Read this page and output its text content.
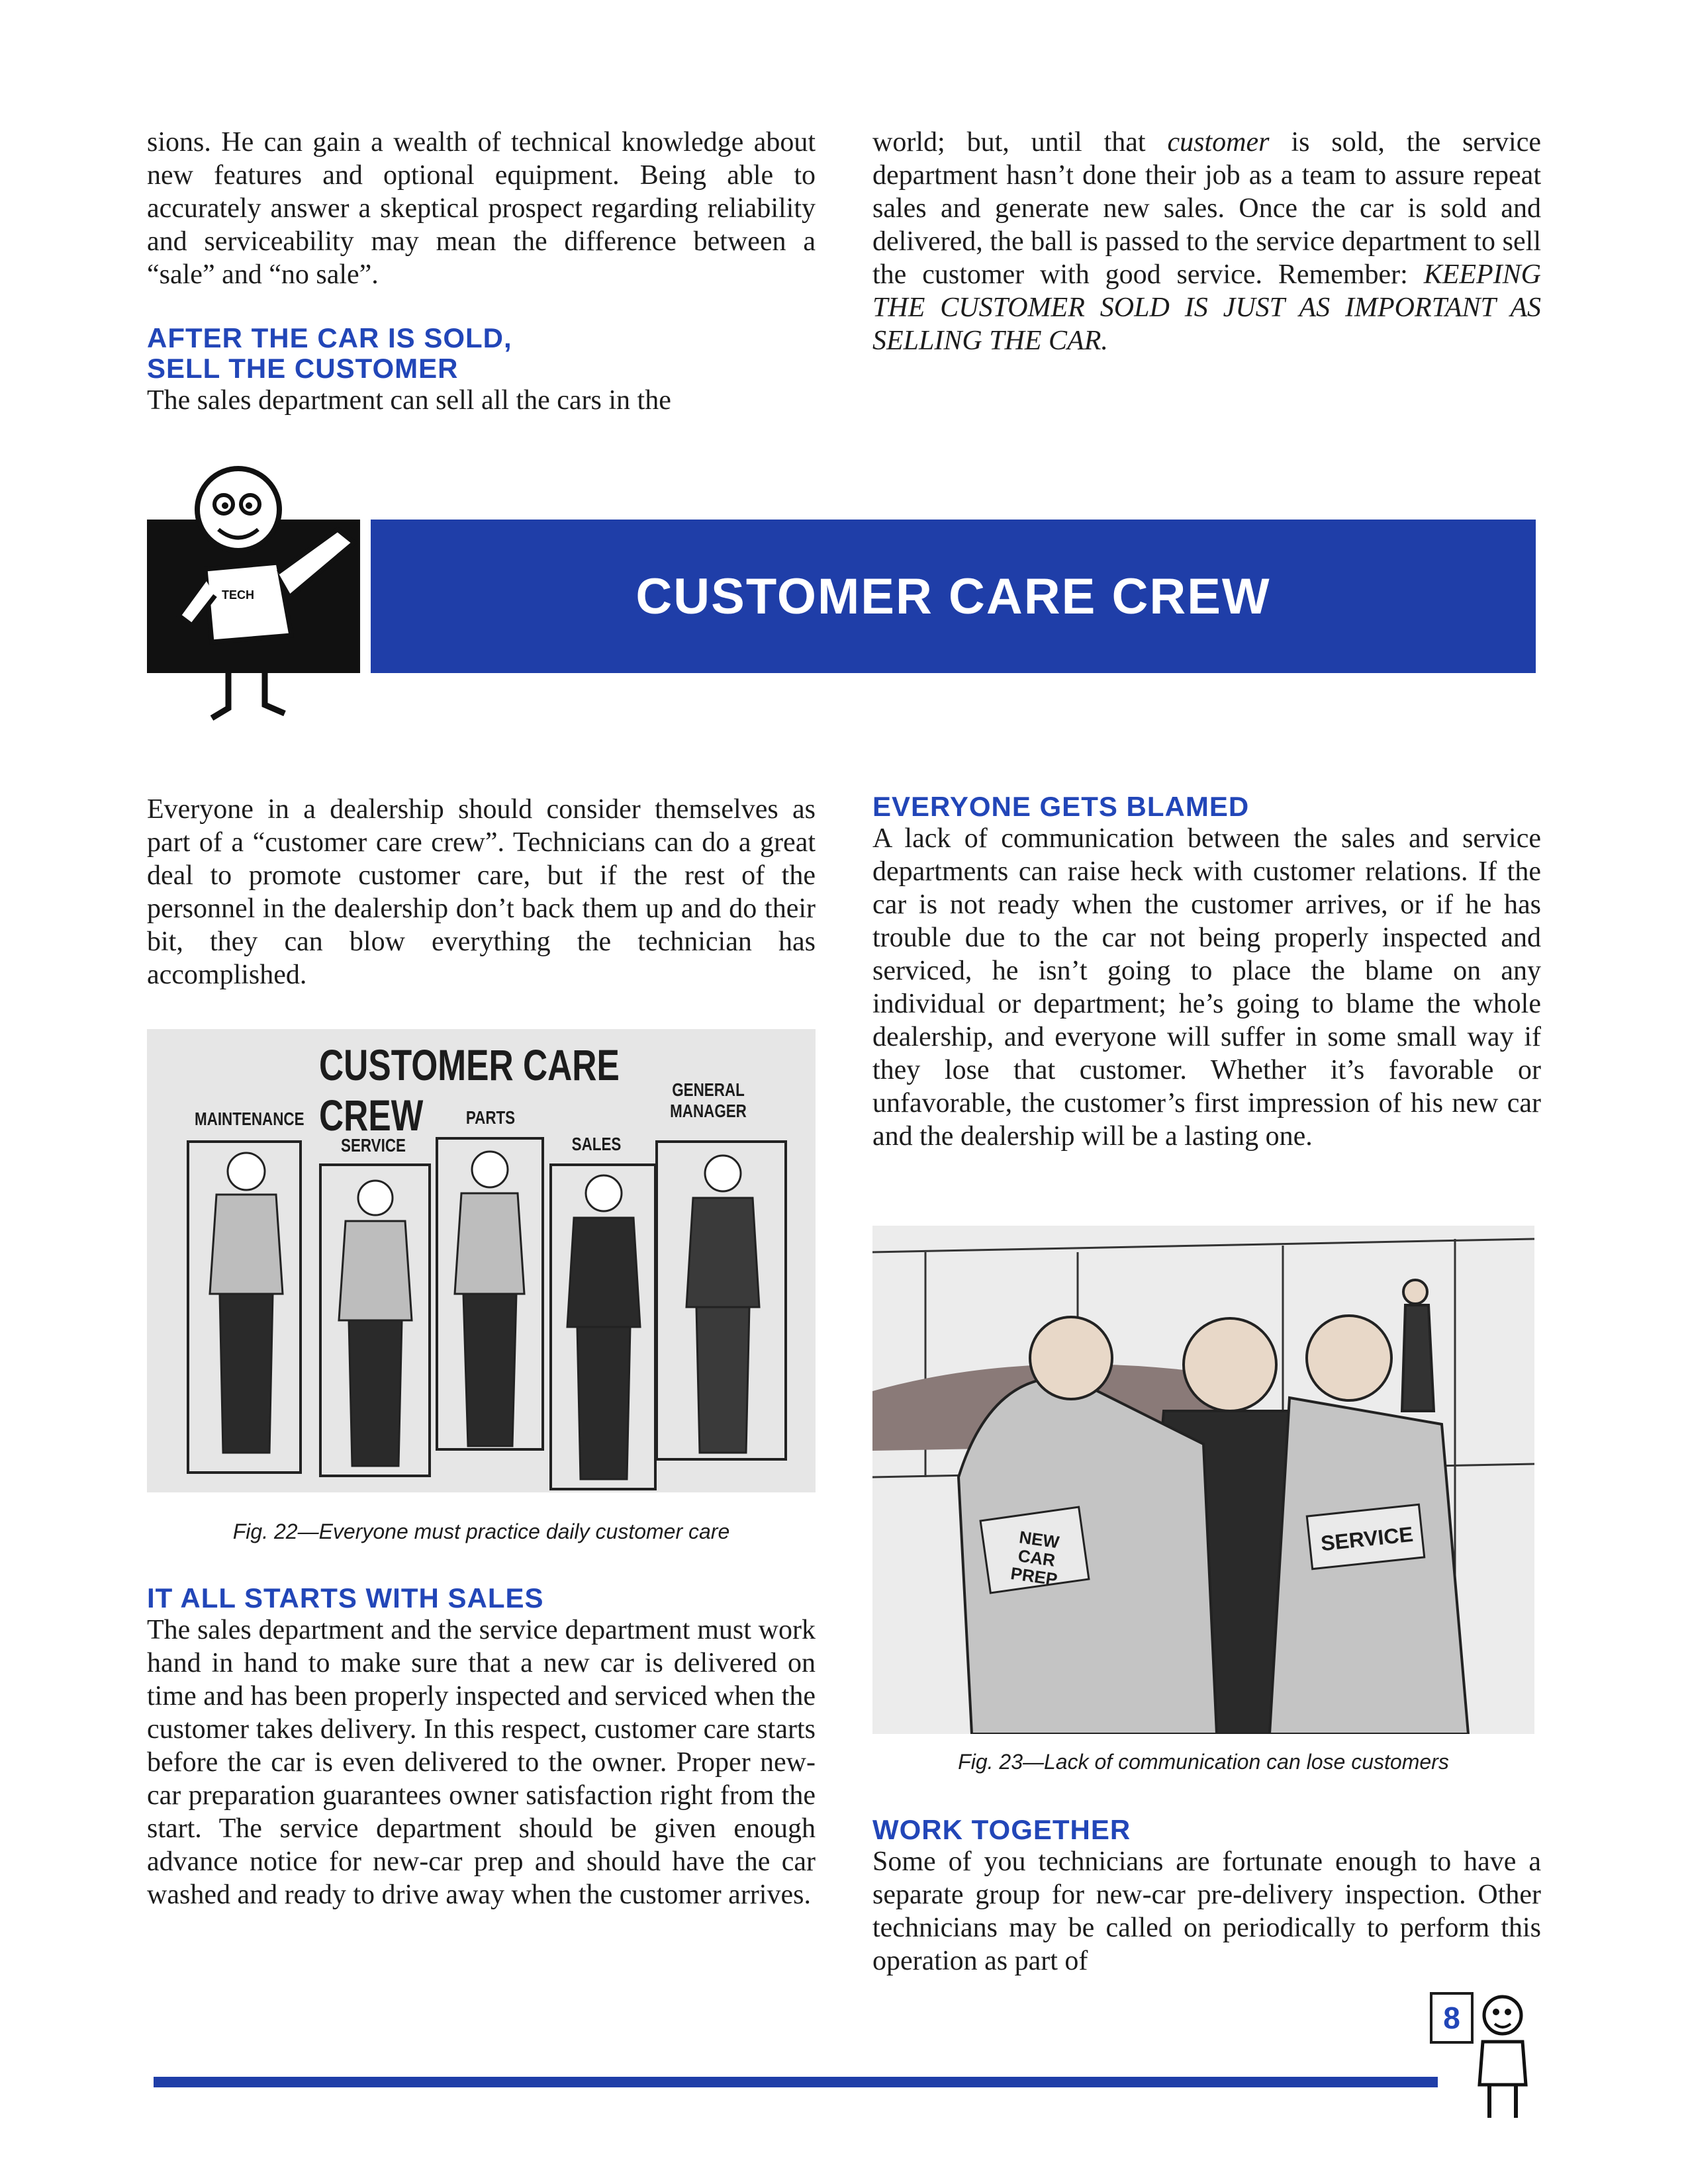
sions. He can gain a wealth of technical knowledge about new features and optional equipment. Being able to accurately answer a skeptical prospect regarding reliability and serviceability may mean the difference between a “sale” and “no sale”.

AFTER THE CAR IS SOLD,

SELL THE CUSTOMER

The sales department can sell all the cars in the

world; but, until that customer is sold, the service department hasn’t done their job as a team to assure repeat sales and generate new sales. Once the car is sold and delivered, the ball is passed to the service department to sell the customer with good service. Remember: KEEPING THE CUSTOMER SOLD IS JUST AS IMPORTANT AS SELLING THE CAR.

TECH	CUSTOMER CARE CREW

Everyone in a dealership should consider themselves as part of a “customer care crew”. Technicians can do a great deal to promote customer care, but if the rest of the personnel in the dealership don’t back them up and do their bit, they can blow everything the technician has accomplished.

CUSTOMER CARE CREW
MAINTENANCE
SERVICE
PARTS
SALES
GENERAL MANAGER

Fig. 22—Everyone must practice daily customer care

IT ALL STARTS WITH SALES

The sales department and the service department must work hand in hand to make sure that a new car is delivered on time and has been properly inspected and serviced when the customer takes delivery. In this respect, customer care starts before the car is even delivered to the owner. Proper new-car preparation guarantees owner satisfaction right from the start. The service department should be given enough advance notice for new-car prep and should have the car washed and ready to drive away when the customer arrives.

EVERYONE GETS BLAMED

A lack of communication between the sales and service departments can raise heck with customer relations. If the car is not ready when the customer arrives, or if he has trouble due to the car not being properly inspected and serviced, he isn’t going to place the blame on any individual or department; he’s going to blame the whole dealership, and everyone will suffer in some small way if they lose that customer. Whether it’s favorable or unfavorable, the customer’s first impression of his new car and the dealership will be a lasting one.

NEW CAR PREP
SERVICE

Fig. 23—Lack of communication can lose customers

WORK TOGETHER

Some of you technicians are fortunate enough to have a separate group for new-car pre-delivery inspection. Other technicians may be called on periodically to perform this operation as part of

8
